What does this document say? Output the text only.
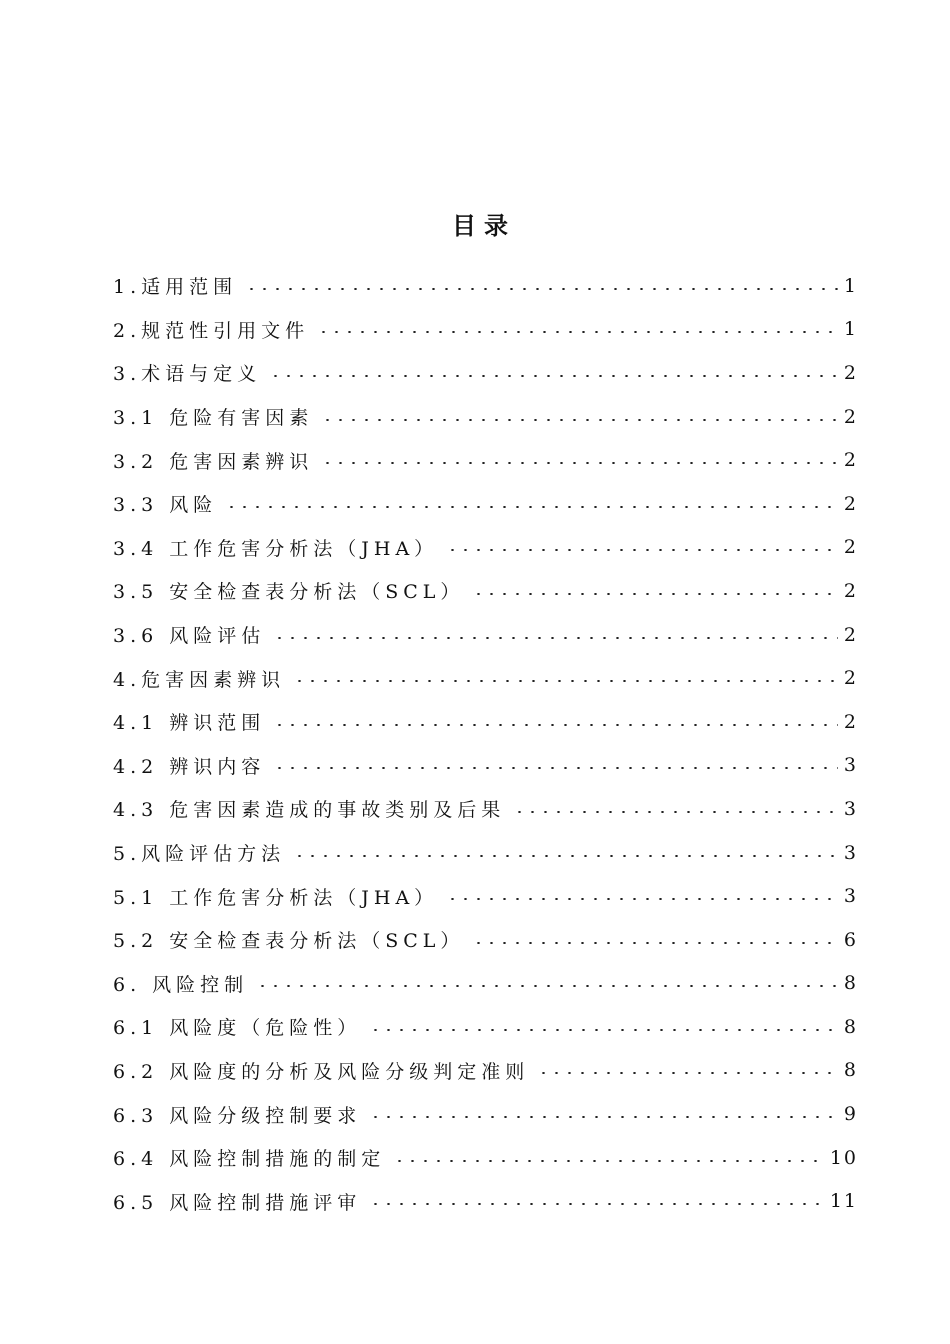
目录
1.适用范围	1
2.规范性引用文件	1
3.术语与定义	2
3.1 危险有害因素	2
3.2 危害因素辨识	2
3.3 风险	2
3.4 工作危害分析法（JHA）	2
3.5 安全检查表分析法（SCL）	2
3.6 风险评估	2
4.危害因素辨识	2
4.1 辨识范围	2
4.2 辨识内容	3
4.3 危害因素造成的事故类别及后果	3
5.风险评估方法	3
5.1 工作危害分析法（JHA）	3
5.2 安全检查表分析法（SCL）	6
6. 风险控制	8
6.1 风险度（危险性）	8
6.2 风险度的分析及风险分级判定准则	8
6.3 风险分级控制要求	9
6.4 风险控制措施的制定	10
6.5 风险控制措施评审	11
